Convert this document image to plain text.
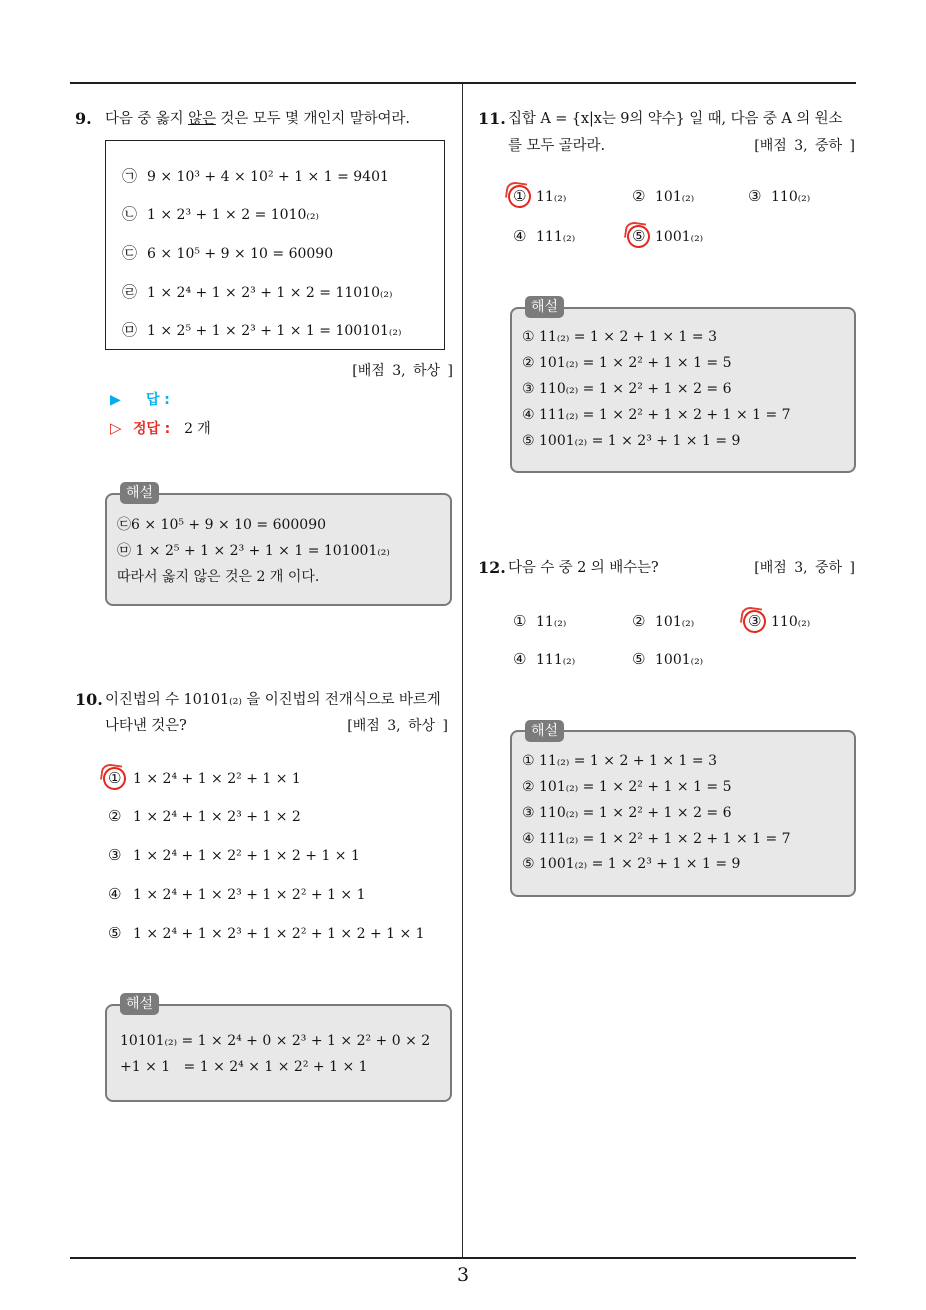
3
9. 다음 중 옳지 않은 것은 모두 몇 개인지 말하여라.
㉠ 9 × 10³ + 4 × 10² + 1 × 1 = 9401
㉡ 1 × 2³ + 1 × 2 = 1010₍₂₎
㉢ 6 × 10⁵ + 9 × 10 = 60090
㉣ 1 × 2⁴ + 1 × 2³ + 1 × 2 = 11010₍₂₎
㉤ 1 × 2⁵ + 1 × 2³ + 1 × 1 = 100101₍₂₎
[배점 3, 하상 ]
▶ 답 :
▷ 정답 : 2 개
해설
㉢6 × 10⁵ + 9 × 10 = 600090
㉤ 1 × 2⁵ + 1 × 2³ + 1 × 1 = 101001₍₂₎
따라서 옳지 않은 것은 2 개 이다.
10. 이진법의 수 10101₍₂₎ 을 이진법의 전개식으로 바르게
나타낸 것은?	[배점 3, 하상 ]
① 1 × 2⁴ + 1 × 2² + 1 × 1
② 1 × 2⁴ + 1 × 2³ + 1 × 2
③ 1 × 2⁴ + 1 × 2² + 1 × 2 + 1 × 1
④ 1 × 2⁴ + 1 × 2³ + 1 × 2² + 1 × 1
⑤ 1 × 2⁴ + 1 × 2³ + 1 × 2² + 1 × 2 + 1 × 1
해설
10101₍₂₎ = 1 × 2⁴ + 0 × 2³ + 1 × 2² + 0 × 2
+1 × 1   = 1 × 2⁴ × 1 × 2² + 1 × 1
11. 집합 A = {x|x는 9의 약수} 일 때, 다음 중 A 의 원소
를 모두 골라라.	[배점 3, 중하 ]
① 11₍₂₎	② 101₍₂₎	③ 110₍₂₎
④ 111₍₂₎	⑤ 1001₍₂₎
해설
① 11₍₂₎ = 1 × 2 + 1 × 1 = 3
② 101₍₂₎ = 1 × 2² + 1 × 1 = 5
③ 110₍₂₎ = 1 × 2² + 1 × 2 = 6
④ 111₍₂₎ = 1 × 2² + 1 × 2 + 1 × 1 = 7
⑤ 1001₍₂₎ = 1 × 2³ + 1 × 1 = 9
12. 다음 수 중 2 의 배수는?	[배점 3, 중하 ]
① 11₍₂₎	② 101₍₂₎	③ 110₍₂₎
④ 111₍₂₎	⑤ 1001₍₂₎
해설
① 11₍₂₎ = 1 × 2 + 1 × 1 = 3
② 101₍₂₎ = 1 × 2² + 1 × 1 = 5
③ 110₍₂₎ = 1 × 2² + 1 × 2 = 6
④ 111₍₂₎ = 1 × 2² + 1 × 2 + 1 × 1 = 7
⑤ 1001₍₂₎ = 1 × 2³ + 1 × 1 = 9
